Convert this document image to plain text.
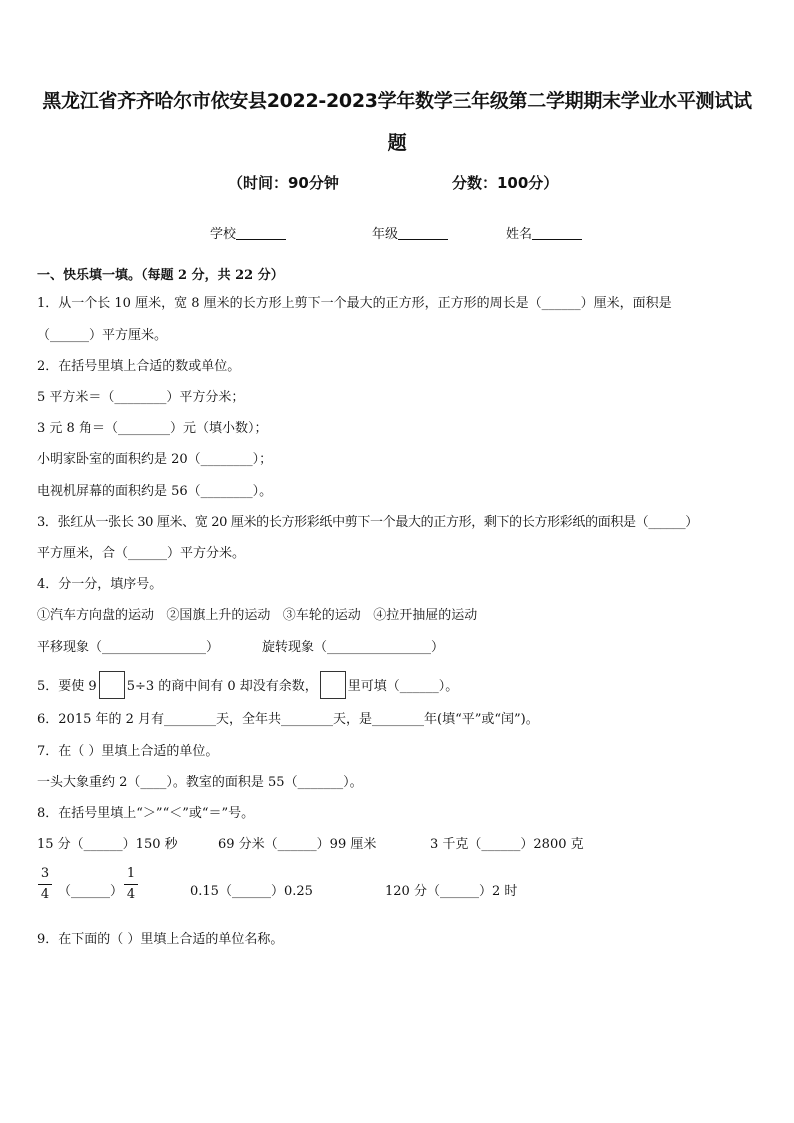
黑龙江省齐齐哈尔市依安县2022-2023学年数学三年级第二学期期末学业水平测试试
题
（时间：90分钟	分数：100分）
学校	年级	姓名
一、快乐填一填。（每题 2 分，共 22 分）
1．从一个长 10 厘米，宽 8 厘米的长方形上剪下一个最大的正方形，正方形的周长是（______）厘米，面积是
（______）平方厘米。
2．在括号里填上合适的数或单位。
5 平方米＝（________）平方分米；
3 元 8 角＝（________）元（填小数）；
小明家卧室的面积约是 20（________）；
电视机屏幕的面积约是 56（________）。
3．张红从一张长 30 厘米、宽 20 厘米的长方形彩纸中剪下一个最大的正方形，剩下的长方形彩纸的面积是（______）
平方厘米，合（______）平方分米。
4．分一分，填序号。
①汽车方向盘的运动   ②国旗上升的运动   ③车轮的运动   ④拉开抽屉的运动
平移现象（________________）	旋转现象（________________）
5．要使 9 5÷3 的商中间有 0 却没有余数， 里可填（______）。
6．2015 年的 2 月有________天，全年共________天，是________年(填“平”或“闰”)。
7．在（ ）里填上合适的单位。
一头大象重约 2（____）。教室的面积是 55（_______）。
8．在括号里填上“＞”“＜”或“＝”号。
15 分（______）150 秒	69 分米（______）99 厘米	3 千克（______）2800 克
3
4 （______）
1
4	0.15（______）0.25	120 分（______）2 时
9．在下面的（ ）里填上合适的单位名称。
